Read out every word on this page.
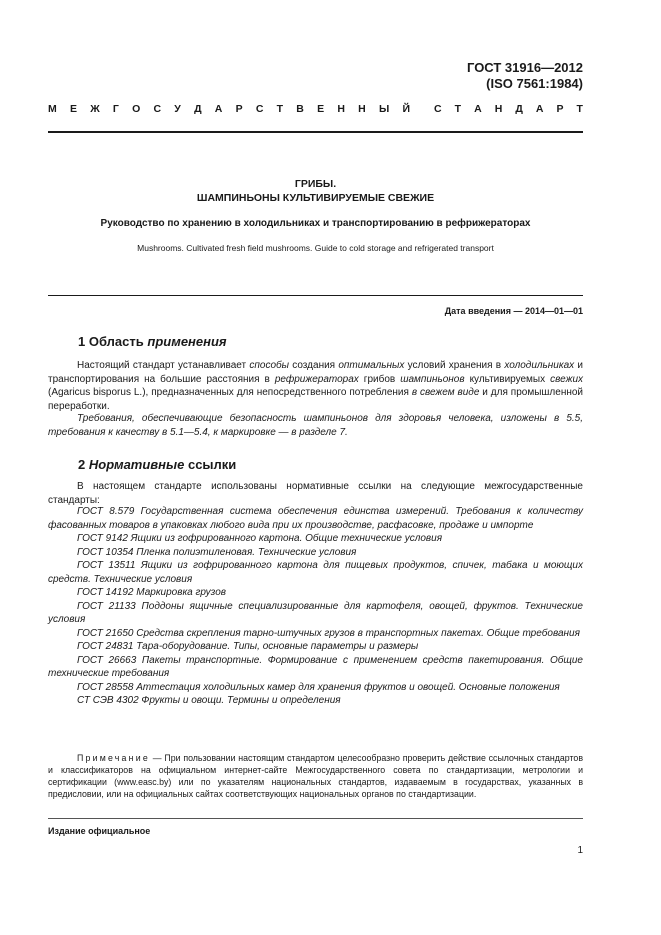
ГОСТ 31916—2012
(ISO 7561:1984)
М Е Ж Г О С У Д А Р С Т В Е Н Н Ы Й С Т А Н Д А Р Т
ГРИБЫ.
ШАМПИНЬОНЫ КУЛЬТИВИРУЕМЫЕ СВЕЖИЕ
Руководство по хранению в холодильниках и транспортированию в рефрижераторах
Mushrooms. Cultivated fresh field mushrooms. Guide to cold storage and refrigerated transport
Дата введения — 2014—01—01
1 Область применения
Настоящий стандарт устанавливает способы создания оптимальных условий хранения в холодильниках и транспортирования на большие расстояния в рефрижераторах грибов шампиньонов культивируемых свежих (Agaricus bisporus L.), предназначенных для непосредственного потребления в свежем виде и для промышленной переработки.
Требования, обеспечивающие безопасность шампиньонов для здоровья человека, изложены в 5.5, требования к качеству в 5.1—5.4, к маркировке — в разделе 7.
2 Нормативные ссылки
В настоящем стандарте использованы нормативные ссылки на следующие межгосударственные стандарты:
ГОСТ 8.579 Государственная система обеспечения единства измерений. Требования к количеству фасованных товаров в упаковках любого вида при их производстве, расфасовке, продаже и импорте
ГОСТ 9142 Ящики из гофрированного картона. Общие технические условия
ГОСТ 10354 Пленка полиэтиленовая. Технические условия
ГОСТ 13511 Ящики из гофрированного картона для пищевых продуктов, спичек, табака и моющих средств. Технические условия
ГОСТ 14192 Маркировка грузов
ГОСТ 21133 Поддоны ящичные специализированные для картофеля, овощей, фруктов. Технические условия
ГОСТ 21650 Средства скрепления тарно-штучных грузов в транспортных пакетах. Общие требования
ГОСТ 24831 Тара-оборудование. Типы, основные параметры и размеры
ГОСТ 26663 Пакеты транспортные. Формирование с применением средств пакетирования. Общие технические требования
ГОСТ 28558 Аттестация холодильных камер для хранения фруктов и овощей. Основные положения
СТ СЭВ 4302 Фрукты и овощи. Термины и определения
Примечание — При пользовании настоящим стандартом целесообразно проверить действие ссылочных стандартов и классификаторов на официальном интернет-сайте Межгосударственного совета по стандартизации, метрологии и сертификации (www.easc.by) или по указателям национальных стандартов, издаваемым в государствах, указанных в предисловии, или на официальных сайтах соответствующих национальных органов по стандартизации.
Издание официальное
1
